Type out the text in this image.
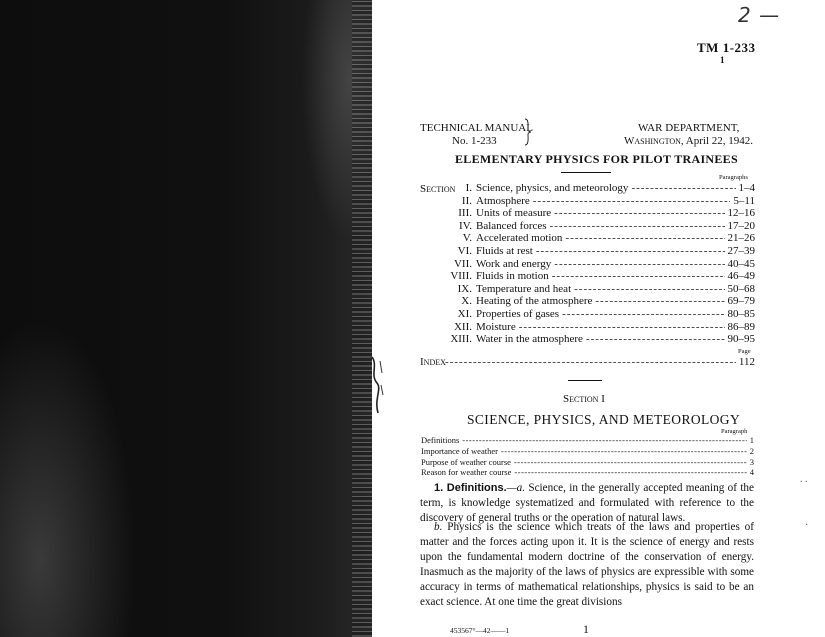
2 —
TM 1-233
1
TECHNICAL MANUAL
No. 1-233
WAR DEPARTMENT,
Washington, April 22, 1942.
ELEMENTARY PHYSICS FOR PILOT TRAINEES
Paragraphs
Section I. Science, physics, and meteorology -----	1–4
II. Atmosphere -----	5–11
III. Units of measure -----	12–16
IV. Balanced forces -----	17–20
V. Accelerated motion -----	21–26
VI. Fluids at rest -----	27–39
VII. Work and energy -----	40–45
VIII. Fluids in motion -----	46–49
IX. Temperature and heat -----	50–68
X. Heating of the atmosphere -----	69–79
XI. Properties of gases -----	80–85
XII. Moisture -----	86–89
XIII. Water in the atmosphere -----	90–95
Page
Index -----	112
Section I
SCIENCE, PHYSICS, AND METEOROLOGY
Paragraph
Definitions -----	1
Importance of weather -----	2
Purpose of weather course -----	3
Reason for weather course -----	4
1. Definitions.—a. Science, in the generally accepted meaning of the term, is knowledge systematized and formulated with reference to the discovery of general truths or the operation of natural laws.
b. Physics is the science which treats of the laws and properties of matter and the forces acting upon it. It is the science of energy and rests upon the fundamental modern doctrine of the conservation of energy. Inasmuch as the majority of the laws of physics are expressible with some accuracy in terms of mathematical relationships, physics is said to be an exact science. At one time the great divisions
453567°—42——1	1
. .
·
